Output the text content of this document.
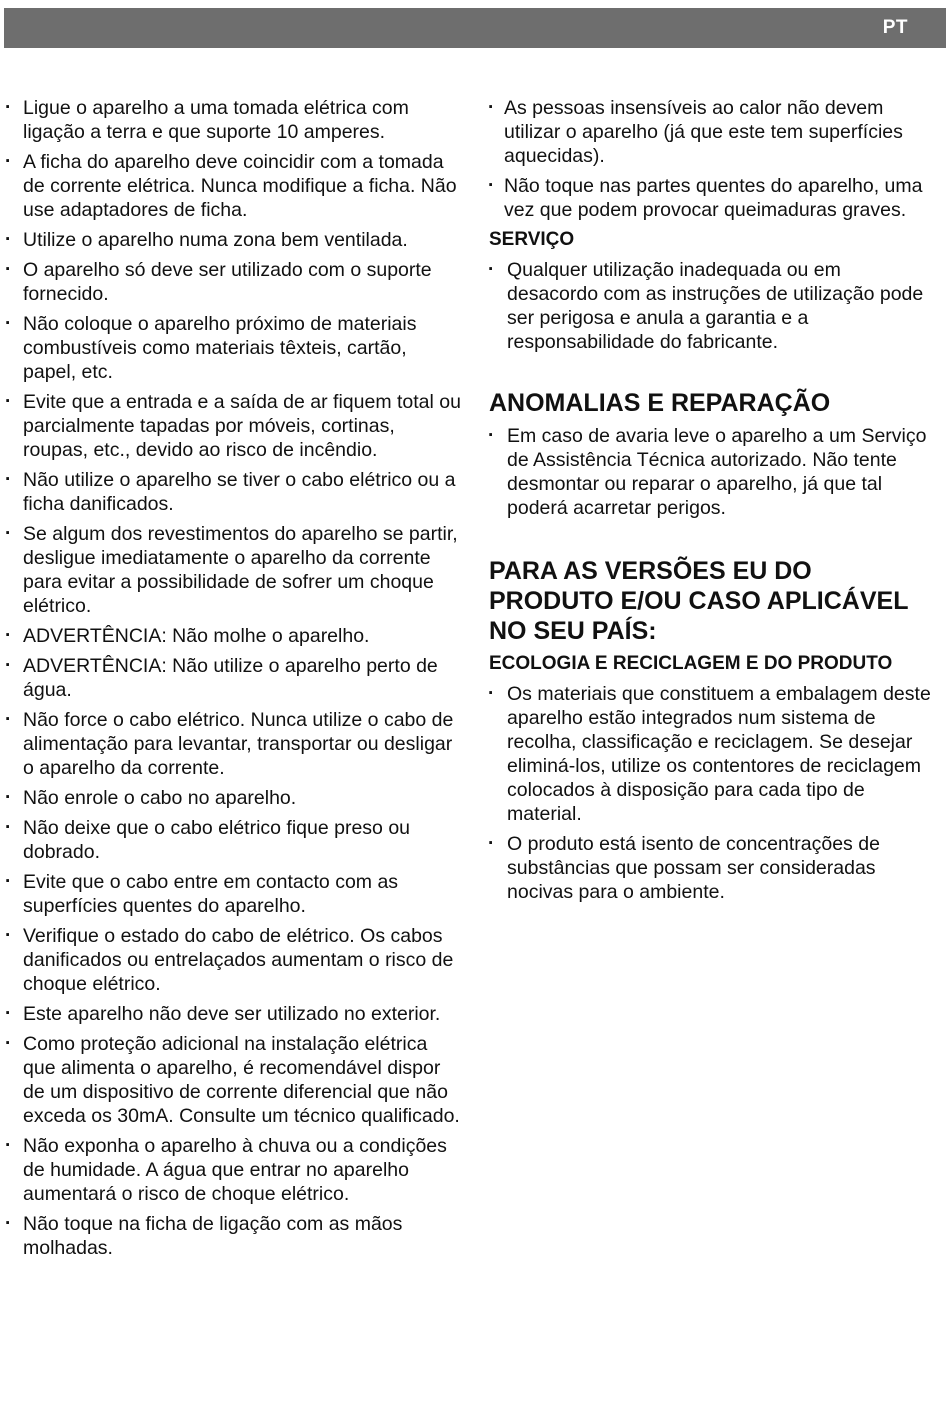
PT
· Ligue o aparelho a uma tomada elétrica com ligação a terra e que suporte 10 amperes.
· A ficha do aparelho deve coincidir com a tomada de corrente elétrica. Nunca modifique a ficha. Não use adaptadores de ficha.
· Utilize o aparelho numa zona bem ventilada.
· O aparelho só deve ser utilizado com o suporte fornecido.
· Não coloque o aparelho próximo de materiais combustíveis como materiais têxteis, cartão, papel, etc.
· Evite que a entrada e a saída de ar fiquem total ou parcialmente tapadas por móveis, cortinas, roupas, etc., devido ao risco de incêndio.
· Não utilize o aparelho se tiver o cabo elétrico ou a ficha danificados.
· Se algum dos revestimentos do aparelho se partir, desligue imediatamente o aparelho da corrente para evitar a possibilidade de sofrer um choque elétrico.
· ADVERTÊNCIA: Não molhe o aparelho.
· ADVERTÊNCIA: Não utilize o aparelho perto de água.
· Não force o cabo elétrico. Nunca utilize o cabo de alimentação para levantar, transportar ou desligar o aparelho da corrente.
· Não enrole o cabo no aparelho.
· Não deixe que o cabo elétrico fique preso ou dobrado.
· Evite que o cabo entre em contacto com as superfícies quentes do aparelho.
· Verifique o estado do cabo de elétrico. Os cabos danificados ou entrelaçados aumentam o risco de choque elétrico.
· Este aparelho não deve ser utilizado no exterior.
· Como proteção adicional na instalação elétrica que alimenta o aparelho, é recomendável dispor de um dispositivo de corrente diferencial que não exceda os 30mA. Consulte um técnico qualificado.
· Não exponha o aparelho à chuva ou a condições de humidade. A água que entrar no aparelho aumentará o risco de choque elétrico.
· Não toque na ficha de ligação com as mãos molhadas.
· As pessoas insensíveis ao calor não devem utilizar o aparelho (já que este tem superfícies aquecidas).
· Não toque nas partes quentes do aparelho, uma vez que podem provocar queimaduras graves.
SERVIÇO
· Qualquer utilização inadequada ou em desacordo com as instruções de utilização pode ser perigosa e anula a garantia e a responsabilidade do fabricante.
ANOMALIAS E REPARAÇÃO
· Em caso de avaria leve o aparelho a um Serviço de Assistência Técnica autorizado. Não tente desmontar ou reparar o aparelho, já que tal poderá acarretar perigos.
PARA AS VERSÕES EU DO PRODUTO E/OU CASO APLICÁVEL NO SEU PAÍS:
ECOLOGIA E RECICLAGEM E DO PRODUTO
· Os materiais que constituem a embalagem deste aparelho estão integrados num sistema de recolha, classificação e reciclagem. Se desejar eliminá-los, utilize os contentores de reciclagem colocados à disposição para cada tipo de material.
· O produto está isento de concentrações de substâncias que possam ser consideradas nocivas para o ambiente.
